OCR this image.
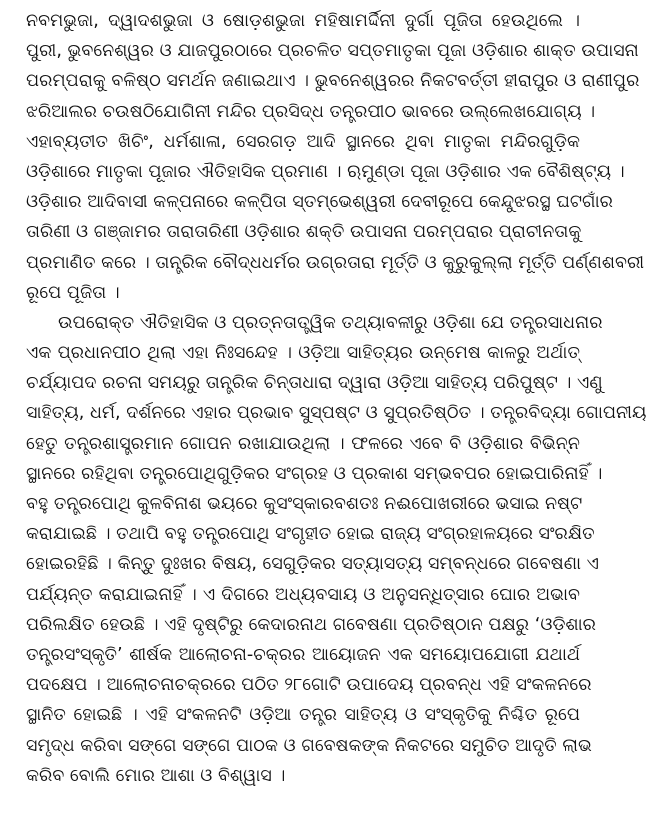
ନବମଭୁଜା, ଦ୍ୱାଦଶଭୁଜା ଓ ଷୋଡ଼ଶଭୁଜା ମହିଷାମର୍ଦ୍ଦିନୀ ଦୁର୍ଗା ପୂଜିତା ହେଉଥିଲେ ।
ପୁରୀ, ଭୁବନେଶ୍ୱର ଓ ଯାଜପୁରଠାରେ ପ୍ରଚଳିତ ସପ୍ତମାତୃକା ପୂଜା ଓଡ଼ିଶାର ଶାକ୍ତ ଉପାସନା
ପରମ୍ପରାକୁ ବଳିଷ୍ଠ ସମର୍ଥନ ଜଣାଇଥାଏ । ଭୁବନେଶ୍ୱରର ନିକଟବର୍ତ୍ତୀ ହୀରାପୁର ଓ ରାଣୀପୁର
ଝରିଆଲର ଚଉଷଠିଯୋଗିନୀ ମନ୍ଦିର ପ୍ରସିଦ୍ଧ ତନ୍ତ୍ରପୀଠ ଭାବରେ ଉଲ୍ଲେଖଯୋଗ୍ୟ ।
ଏହାବ୍ୟତୀତ ଖିଚିଂ, ଧର୍ମଶାଳା, ସେରଗଡ଼ ଆଦି ସ୍ଥାନରେ ଥିବା ମାତୃକା ମନ୍ଦିରଗୁଡ଼ିକ
ଓଡ଼ିଶାରେ ମାତୃକା ପୂଜାର ଐତିହାସିକ ପ୍ରମାଣ । ଋମୁଣ୍ଡା ପୂଜା ଓଡ଼ିଶାର ଏକ ବୈଶିଷ୍ଟ୍ୟ ।
ଓଡ଼ିଶାର ଆଦିବାସୀ କଳ୍ପନାରେ କଳ୍ପିତା ସ୍ତମ୍ଭେଶ୍ୱରୀ ଦେବୀରୂପେ କେନ୍ଦୁଝରସ୍ଥ ଘଟଗାଁର
ତାରିଣୀ ଓ ଗଞ୍ଜାମର ତାରାତାରିଣୀ ଓଡ଼ିଶାର ଶକ୍ତି ଉପାସନା ପରମ୍ପରାର ପ୍ରାଚୀନତାକୁ
ପ୍ରମାଣିତ କରେ । ତାନ୍ତ୍ରିକ ବୌଦ୍ଧଧର୍ମର ଉଗ୍ରତାରା ମୂର୍ତ୍ତି ଓ କୁରୁକୁଲ୍ଲା ମୂର୍ତ୍ତି ପର୍ଣ୍ଣଶବରୀ
ରୂପେ ପୂଜିତା ।
ଉପରୋକ୍ତ ଐତିହାସିକ ଓ ପ୍ରତ୍ନତାତ୍ତ୍ୱିକ ତଥ୍ୟାବଳୀରୁ ଓଡ଼ିଶା ଯେ ତନ୍ତ୍ରସାଧନାର
ଏକ ପ୍ରଧାନପୀଠ ଥିଲା ଏହା ନିଃସନ୍ଦେହ । ଓଡ଼ିଆ ସାହିତ୍ୟର ଉନ୍ମେଷ କାଳରୁ ଅର୍ଥାତ୍
ଚର୍ଯ୍ୟାପଦ ରଚନା ସମୟରୁ ତାନ୍ତ୍ରିକ ଚିନ୍ତାଧାରା ଦ୍ୱାରା ଓଡ଼ିଆ ସାହିତ୍ୟ ପରିପୁଷ୍ଟ । ଏଣୁ
ସାହିତ୍ୟ, ଧର୍ମ, ଦର୍ଶନରେ ଏହାର ପ୍ରଭାବ ସୁସ୍ପଷ୍ଟ ଓ ସୁପ୍ରତିଷ୍ଠିତ । ତନ୍ତ୍ରବିଦ୍ୟା ଗୋପନୀୟ
ହେତୁ ତନ୍ତ୍ରଶାସ୍ତ୍ରମାନ ଗୋପନ ରଖାଯାଉଥିଲା । ଫଳରେ ଏବେ ବି ଓଡ଼ିଶାର ବିଭିନ୍ନ
ସ୍ଥାନରେ ରହିଥିବା ତନ୍ତ୍ରପୋଥିଗୁଡ଼ିକର ସଂଗ୍ରହ ଓ ପ୍ରକାଶ ସମ୍ଭବପର ହୋଇପାରିନାହିଁ ।
ବହୁ ତନ୍ତ୍ରପୋଥି କୁଳବିନାଶ ଭୟରେ କୁସଂସ୍କାରବଶତଃ ନଈପୋଖରୀରେ ଭସାଇ ନଷ୍ଟ
କରାଯାଇଛି । ତଥାପି ବହୁ ତନ୍ତ୍ରପୋଥି ସଂଗୃହୀତ ହୋଇ ରାଜ୍ୟ ସଂଗ୍ରହାଳୟରେ ସଂରକ୍ଷିତ
ହୋଇରହିଛି । କିନ୍ତୁ ଦୁଃଖର ବିଷୟ, ସେଗୁଡ଼ିକର ସତ୍ୟାସତ୍ୟ ସମ୍ବନ୍ଧରେ ଗବେଷଣା ଏ
ପର୍ଯ୍ୟନ୍ତ କରାଯାଇନାହିଁ । ଏ ଦିଗରେ ଅଧ୍ୟବସାୟ ଓ ଅନୁସନ୍ଧିତ୍ସାର ଘୋର ଅଭାବ
ପରିଲକ୍ଷିତ ହେଉଛି । ଏହି ଦୃଷ୍ଟିରୁ କେଦାରନାଥ ଗବେଷଣା ପ୍ରତିଷ୍ଠାନ ପକ୍ଷରୁ ‘ଓଡ଼ିଶାର
ତନ୍ତ୍ରସଂସ୍କୃତି’ ଶୀର୍ଷକ ଆଲୋଚନା-ଚକ୍ରର ଆୟୋଜନ ଏକ ସମୟୋପଯୋଗୀ ଯଥାର୍ଥ
ପଦକ୍ଷେପ । ଆଲୋଚନାଚକ୍ରରେ ପଠିତ ୨୮ଗୋଟି ଉପାଦେୟ ପ୍ରବନ୍ଧ ଏହି ସଂକଳନରେ
ସ୍ଥାନିତ ହୋଇଛି । ଏହି ସଂକଳନଟି ଓଡ଼ିଆ ତନ୍ତ୍ର ସାହିତ୍ୟ ଓ ସଂସ୍କୃତିକୁ ନିଶ୍ଚିତ ରୂପେ
ସମୃଦ୍ଧ କରିବା ସଙ୍ଗେ ସଙ୍ଗେ ପାଠକ ଓ ଗବେଷକଙ୍କ ନିକଟରେ ସମୁଚିତ ଆଦୃତି ଲାଭ
କରିବ ବୋଲି ମୋର ଆଶା ଓ ବିଶ୍ୱାସ ।
